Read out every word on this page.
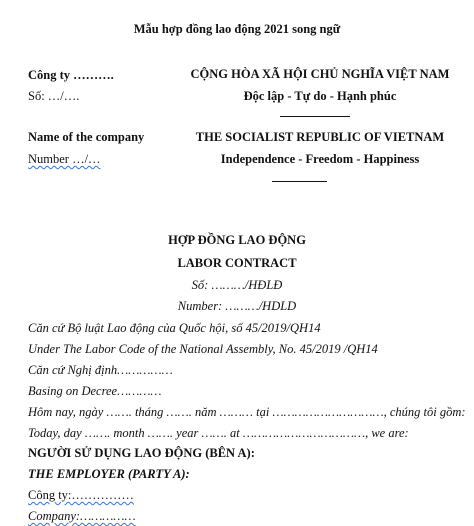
Mẫu hợp đồng lao động 2021 song ngữ
Công ty ……….	CỘNG HÒA XÃ HỘI CHỦ NGHĨA VIỆT NAM
Số: …/….	Độc lập - Tự do - Hạnh phúc
Name of the company	THE SOCIALIST REPUBLIC OF VIETNAM
Number …/…	Independence - Freedom - Happiness
HỢP ĐỒNG LAO ĐỘNG
LABOR CONTRACT
Số: ………/HĐLĐ
Number: ………/HDLD
Căn cứ Bộ luật Lao động của Quốc hội, số 45/2019/QH14
Under The Labor Code of the National Assembly, No. 45/2019 /QH14
Căn cứ Nghị định……………
Basing on Decree…………
Hôm nay, ngày ……. tháng ……. năm ……… tại …………………………, chúng tôi gồm:
Today, day ……. month ……. year ……. at ……………………………, we are:
NGƯỜI SỬ DỤNG LAO ĐỘNG (BÊN A):
THE EMPLOYER (PARTY A):
Công ty:……………
Company:……………
